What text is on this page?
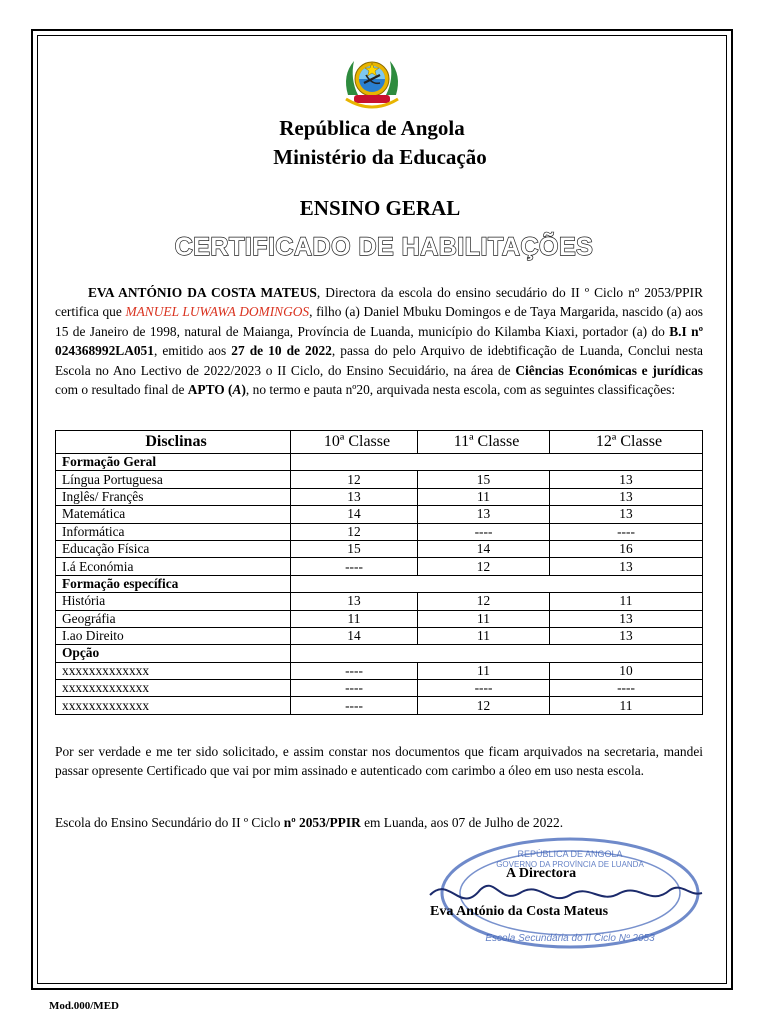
República de Angola
Ministério da Educação
ENSINO GERAL
CERTIFICADO DE HABILITAÇÕES
EVA ANTÓNIO DA COSTA MATEUS, Directora da escola do ensino secudário do II º Ciclo nº 2053/PPIR certifica que MANUEL LUWAWA DOMINGOS, filho (a) Daniel Mbuku Domingos e de Taya Margarida, nascido (a) aos 15 de Janeiro de 1998, natural de Maianga, Província de Luanda, município do Kilamba Kiaxi, portador (a) do B.I nº 024368992LA051, emitido aos 27 de 10 de 2022, passa do pelo Arquivo de idebtificação de Luanda, Conclui nesta Escola no Ano Lectivo de 2022/2023 o II Ciclo, do Ensino Secuidário, na área de Ciências Económicas e jurídicas com o resultado final de APTO (A), no termo e pauta nº20, arquivada nesta escola, com as seguintes classificações:
Disclinas	10ª Classe	11ª Classe	12ª Classe
Formação Geral			
Língua Portuguesa	12	15	13
Inglês/ Françês	13	11	13
Matemática	14	13	13
Informática	12	----	----
Educação Física	15	14	16
I.á Económia	----	12	13
Formação específica			
História	13	12	11
Geográfia	11	11	13
I.ao Direito	14	11	13
Opção			
xxxxxxxxxxxxx	----	11	10
xxxxxxxxxxxxx	----	----	----
xxxxxxxxxxxxx	----	12	11
Por ser verdade e me ter sido solicitado, e assim constar nos documentos que ficam arquivados na secretaria, mandei passar opresente Certificado que vai por mim assinado e autenticado com carimbo a óleo em uso nesta escola.
Escola do Ensino Secundário do II º Ciclo nº 2053/PPIR em Luanda, aos 07 de Julho de 2022.
REPÚBLICA DE ANGOLA
GOVERNO DA PROVÍNCIA DE LUANDA
Escola Secundária do II Ciclo Nº 2053
A Directora
Eva António da Costa Mateus
Mod.000/MED
